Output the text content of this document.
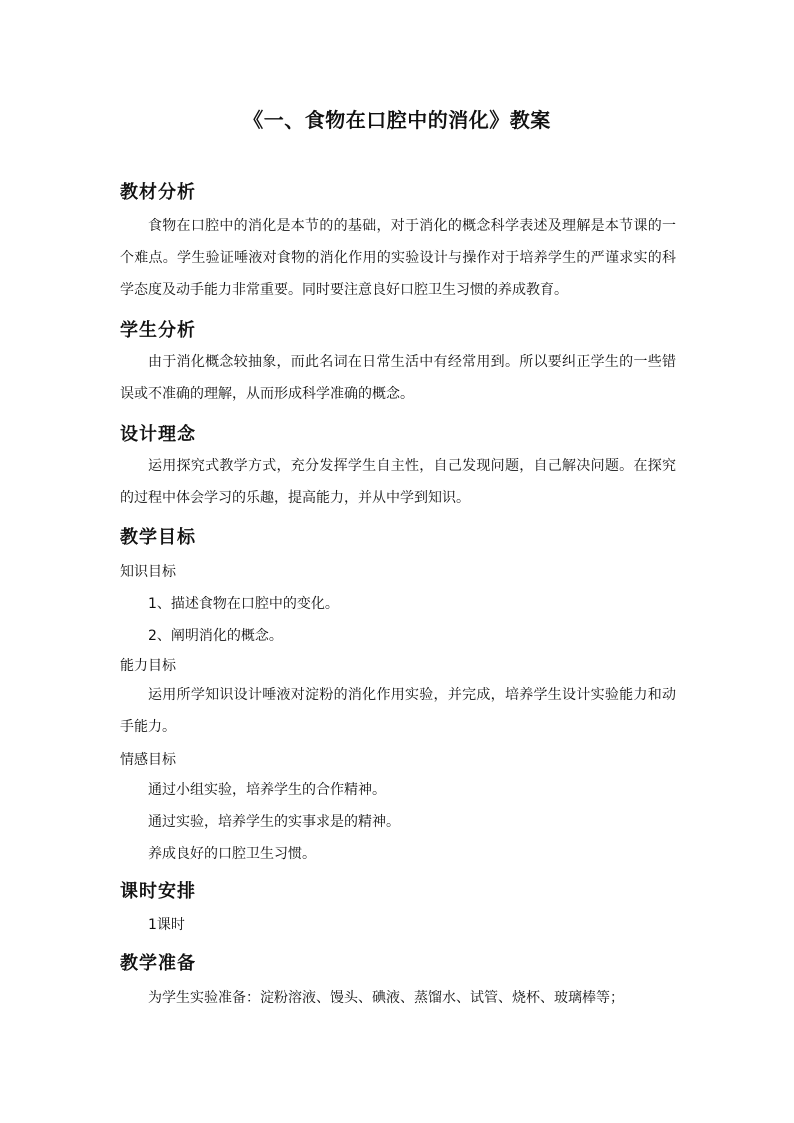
《一、食物在口腔中的消化》教案
教材分析
食物在口腔中的消化是本节的的基础，对于消化的概念科学表述及理解是本节课的一个难点。学生验证唾液对食物的消化作用的实验设计与操作对于培养学生的严谨求实的科学态度及动手能力非常重要。同时要注意良好口腔卫生习惯的养成教育。
学生分析
由于消化概念较抽象，而此名词在日常生活中有经常用到。所以要纠正学生的一些错误或不准确的理解，从而形成科学准确的概念。
设计理念
运用探究式教学方式，充分发挥学生自主性，自己发现问题，自己解决问题。在探究的过程中体会学习的乐趣，提高能力，并从中学到知识。
教学目标
知识目标
1、描述食物在口腔中的变化。
2、阐明消化的概念。
能力目标
运用所学知识设计唾液对淀粉的消化作用实验，并完成，培养学生设计实验能力和动手能力。
情感目标
通过小组实验，培养学生的合作精神。
通过实验，培养学生的实事求是的精神。
养成良好的口腔卫生习惯。
课时安排
1课时
教学准备
为学生实验准备：淀粉溶液、馒头、碘液、蒸馏水、试管、烧杯、玻璃棒等；
